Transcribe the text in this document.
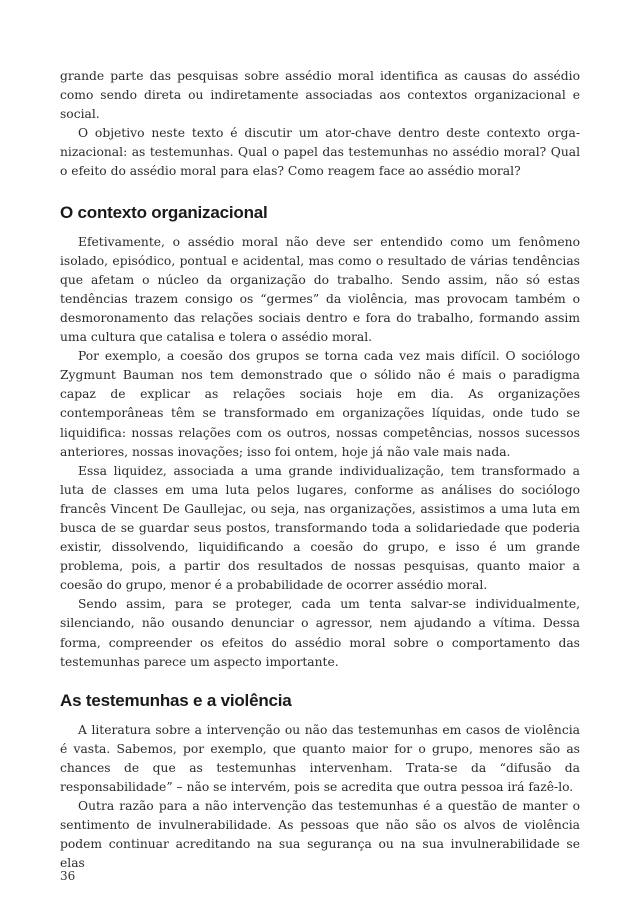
grande parte das pesquisas sobre assédio moral identifica as causas do assédio como sendo direta ou indiretamente associadas aos contextos organizacional e social.

O objetivo neste texto é discutir um ator-chave dentro deste contexto organizacional: as testemunhas. Qual o papel das testemunhas no assédio moral? Qual o efeito do assédio moral para elas? Como reagem face ao assédio moral?

O contexto organizacional

Efetivamente, o assédio moral não deve ser entendido como um fenômeno isolado, episódico, pontual e acidental, mas como o resultado de várias tendências que afetam o núcleo da organização do trabalho. Sendo assim, não só estas tendências trazem consigo os “germes” da violência, mas provocam também o desmoronamento das relações sociais dentro e fora do trabalho, formando assim uma cultura que catalisa e tolera o assédio moral.

Por exemplo, a coesão dos grupos se torna cada vez mais difícil. O sociólogo Zygmunt Bauman nos tem demonstrado que o sólido não é mais o paradigma capaz de explicar as relações sociais hoje em dia. As organizações contemporâneas têm se transformado em organizações líquidas, onde tudo se liquidifica: nossas relações com os outros, nossas competências, nossos sucessos anteriores, nossas inovações; isso foi ontem, hoje já não vale mais nada.

Essa liquidez, associada a uma grande individualização, tem transformado a luta de classes em uma luta pelos lugares, conforme as análises do sociólogo francês Vincent De Gaullejac, ou seja, nas organizações, assistimos a uma luta em busca de se guardar seus postos, transformando toda a solidariedade que poderia existir, dissolvendo, liquidificando a coesão do grupo, e isso é um grande problema, pois, a partir dos resultados de nossas pesquisas, quanto maior a coesão do grupo, menor é a probabilidade de ocorrer assédio moral.

Sendo assim, para se proteger, cada um tenta salvar-se individualmente, silenciando, não ousando denunciar o agressor, nem ajudando a vítima. Dessa forma, compreender os efeitos do assédio moral sobre o comportamento das testemunhas parece um aspecto importante.

As testemunhas e a violência

A literatura sobre a intervenção ou não das testemunhas em casos de violência é vasta. Sabemos, por exemplo, que quanto maior for o grupo, menores são as chances de que as testemunhas intervenham. Trata-se da “difusão da responsabilidade” – não se intervém, pois se acredita que outra pessoa irá fazê-lo.

Outra razão para a não intervenção das testemunhas é a questão de manter o sentimento de invulnerabilidade. As pessoas que não são os alvos de violência podem continuar acreditando na sua segurança ou na sua invulnerabilidade se elas

36
